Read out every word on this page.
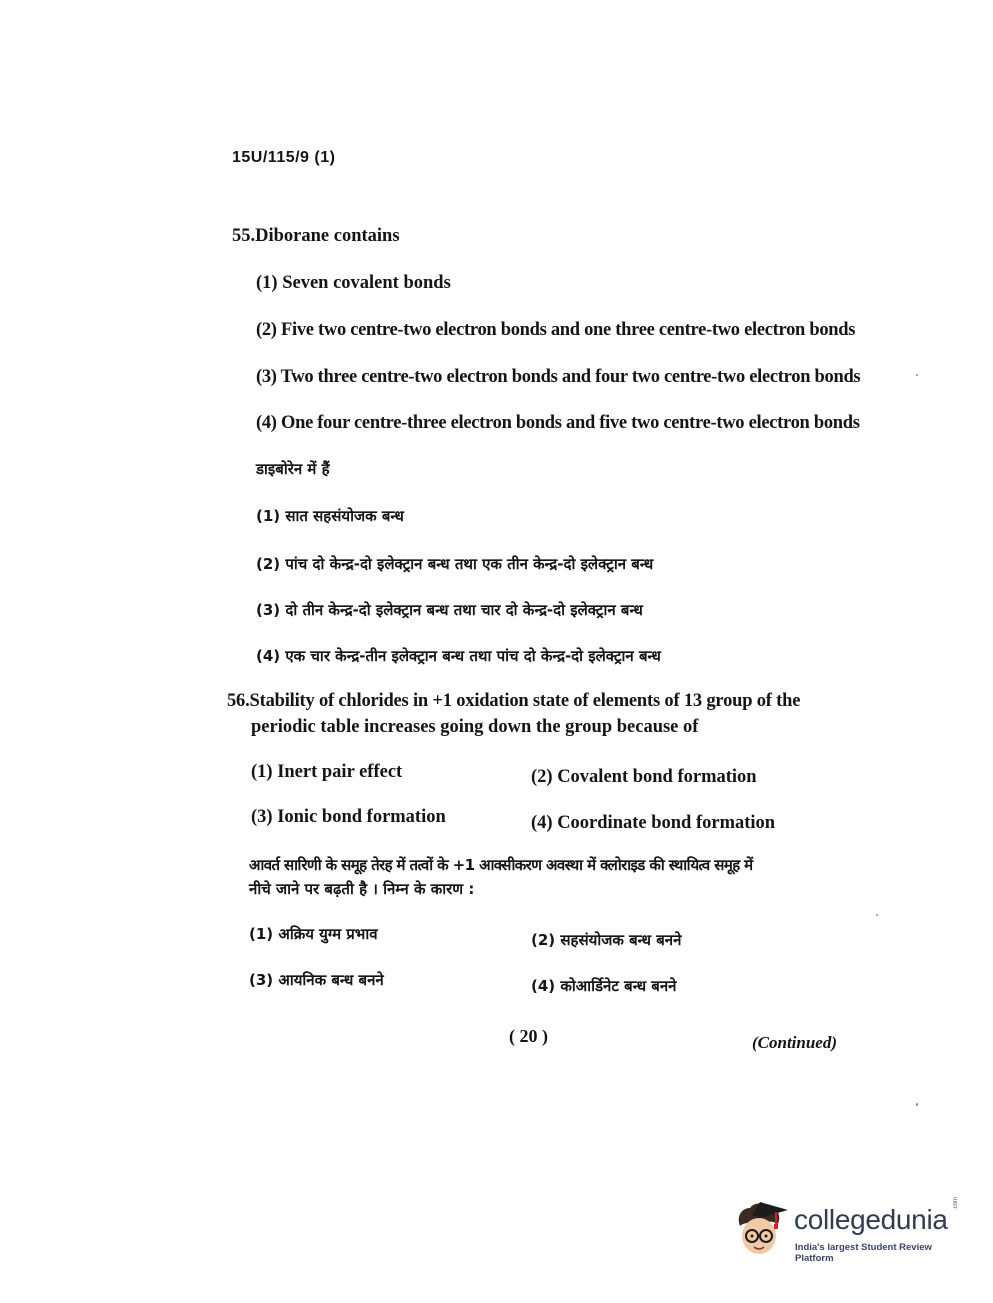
15U/115/9 (1)
55.Diborane contains
(1) Seven covalent bonds
(2) Five two centre-two electron bonds and one three centre-two electron bonds
(3) Two three centre-two electron bonds and four two centre-two electron bonds
(4) One four centre-three electron bonds and five two centre-two electron bonds
डाइबोरेन में हैं
(1) सात सहसंयोजक बन्ध
(2) पांच दो केन्द्र-दो इलेक्ट्रान बन्ध तथा एक तीन केन्द्र-दो इलेक्ट्रान बन्ध
(3) दो तीन केन्द्र-दो इलेक्ट्रान बन्ध तथा चार दो केन्द्र-दो इलेक्ट्रान बन्ध
(4) एक चार केन्द्र-तीन इलेक्ट्रान बन्ध तथा पांच दो केन्द्र-दो इलेक्ट्रान बन्ध
56.Stability of chlorides in +1 oxidation state of elements of 13 group of the
periodic table increases going down the group because of
(1) Inert pair effect	(2) Covalent bond formation
(3) Ionic bond formation	(4) Coordinate bond formation
आवर्त सारिणी के समूह तेरह में तत्वों के +1 आक्सीकरण अवस्था में क्लोराइड की स्थायित्व समूह में
नीचे जाने पर बढ़ती है । निम्न के कारण :
(1) अक्रिय युग्म प्रभाव	(2) सहसंयोजक बन्ध बनने
(3) आयनिक बन्ध बनने	(4) कोआर्डिनेट बन्ध बनने
( 20 )	(Continued)
collegedunia
.com
India's largest Student Review Platform
